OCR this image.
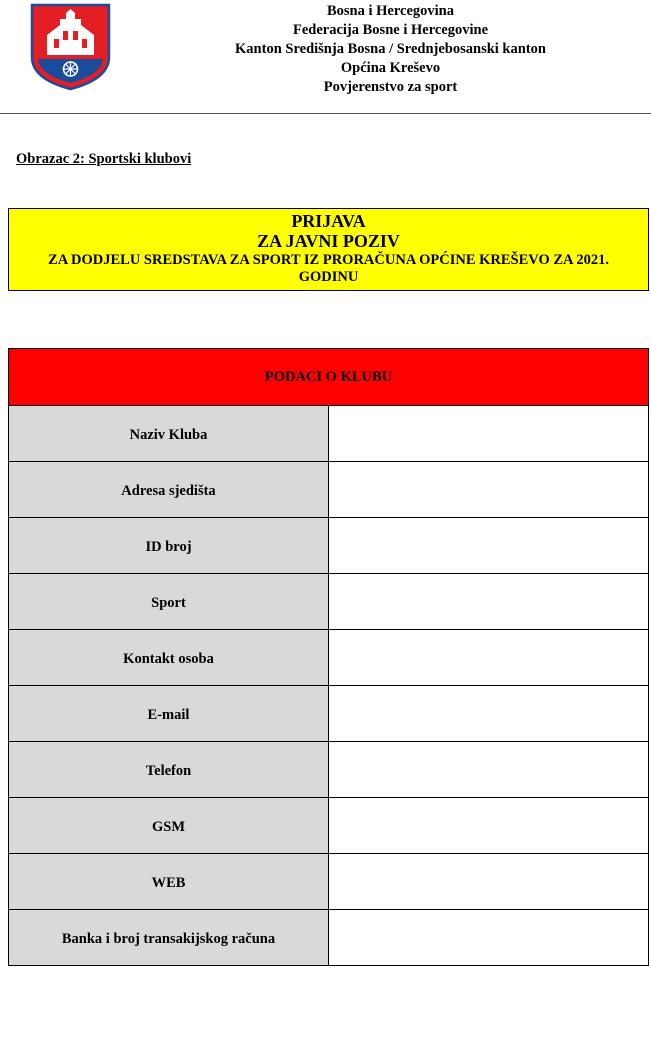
Bosna i Hercegovina
Federacija Bosne i Hercegovine
Kanton Središnja Bosna / Srednjebosanski kanton
Općina Kreševo
Povjerenstvo za sport
Obrazac 2: Sportski klubovi
PRIJAVA
ZA JAVNI POZIV
ZA DODJELU SREDSTAVA ZA SPORT IZ PRORAČUNA OPĆINE KREŠEVO ZA 2021. GODINU
PODACI O KLUBU	
Naziv Kluba	
Adresa sjedišta	
ID broj	
Sport	
Kontakt osoba	
E-mail	
Telefon	
GSM	
WEB	
Banka i broj transakijskog računa	
